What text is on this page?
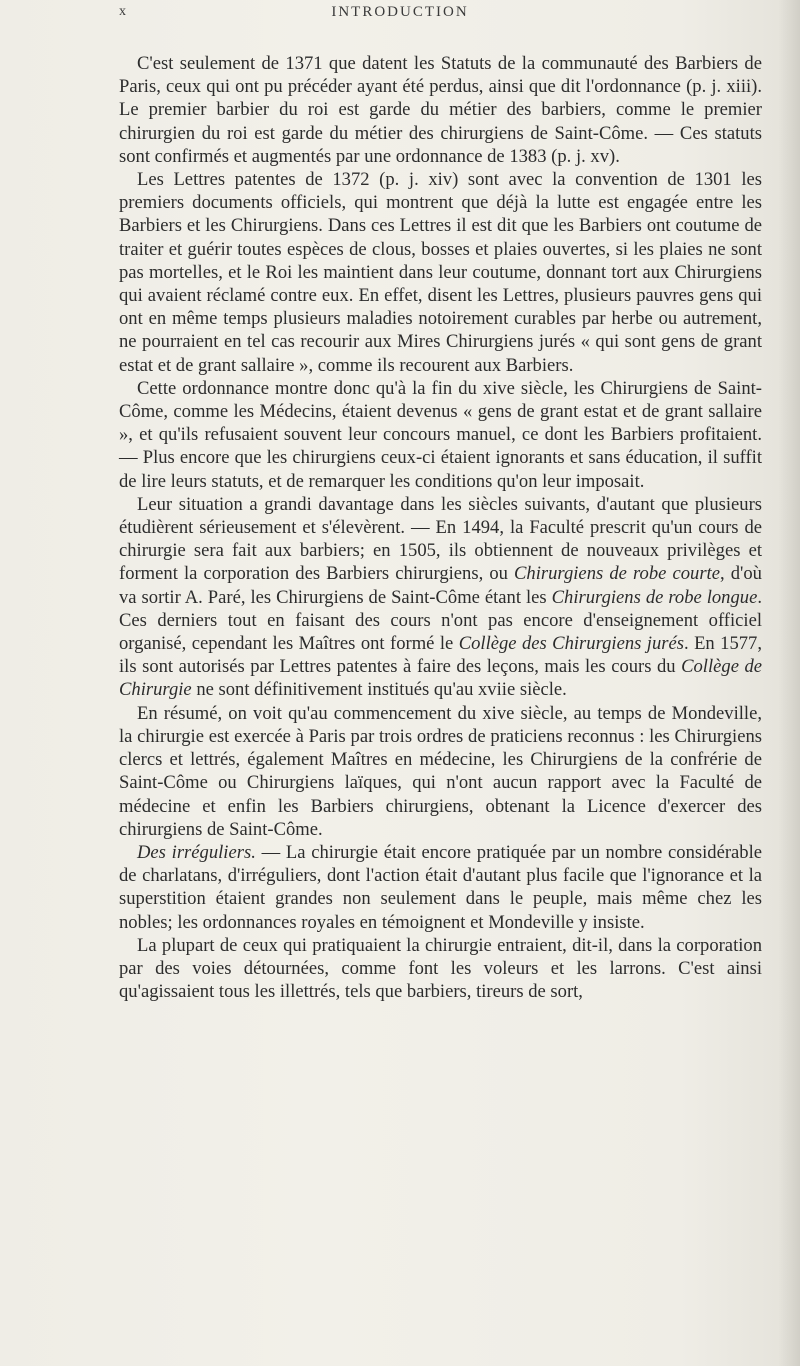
x	INTRODUCTION

C'est seulement de 1371 que datent les Statuts de la communauté des Barbiers de Paris, ceux qui ont pu précéder ayant été perdus, ainsi que dit l'ordonnance (p. j. xiii). Le premier barbier du roi est garde du métier des barbiers, comme le premier chirurgien du roi est garde du métier des chirurgiens de Saint-Côme. — Ces statuts sont confirmés et augmentés par une ordonnance de 1383 (p. j. xv).

Les Lettres patentes de 1372 (p. j. xiv) sont avec la convention de 1301 les premiers documents officiels, qui montrent que déjà la lutte est engagée entre les Barbiers et les Chirurgiens. Dans ces Lettres il est dit que les Barbiers ont coutume de traiter et guérir toutes espèces de clous, bosses et plaies ouvertes, si les plaies ne sont pas mortelles, et le Roi les maintient dans leur coutume, donnant tort aux Chirurgiens qui avaient réclamé contre eux. En effet, disent les Lettres, plusieurs pauvres gens qui ont en même temps plusieurs maladies notoirement curables par herbe ou autrement, ne pourraient en tel cas recourir aux Mires Chirurgiens jurés « qui sont gens de grant estat et de grant sallaire », comme ils recourent aux Barbiers.

Cette ordonnance montre donc qu'à la fin du xive siècle, les Chirurgiens de Saint-Côme, comme les Médecins, étaient devenus « gens de grant estat et de grant sallaire », et qu'ils refusaient souvent leur concours manuel, ce dont les Barbiers profitaient. — Plus encore que les chirurgiens ceux-ci étaient ignorants et sans éducation, il suffit de lire leurs statuts, et de remarquer les conditions qu'on leur imposait.

Leur situation a grandi davantage dans les siècles suivants, d'autant que plusieurs étudièrent sérieusement et s'élevèrent. — En 1494, la Faculté prescrit qu'un cours de chirurgie sera fait aux barbiers; en 1505, ils obtiennent de nouveaux privilèges et forment la corporation des Barbiers chirurgiens, ou Chirurgiens de robe courte, d'où va sortir A. Paré, les Chirurgiens de Saint-Côme étant les Chirurgiens de robe longue. Ces derniers tout en faisant des cours n'ont pas encore d'enseignement officiel organisé, cependant les Maîtres ont formé le Collège des Chirurgiens jurés. En 1577, ils sont autorisés par Lettres patentes à faire des leçons, mais les cours du Collège de Chirurgie ne sont définitivement institués qu'au xviie siècle.

En résumé, on voit qu'au commencement du xive siècle, au temps de Mondeville, la chirurgie est exercée à Paris par trois ordres de praticiens reconnus : les Chirurgiens clercs et lettrés, également Maîtres en médecine, les Chirurgiens de la confrérie de Saint-Côme ou Chirurgiens laïques, qui n'ont aucun rapport avec la Faculté de médecine et enfin les Barbiers chirurgiens, obtenant la Licence d'exercer des chirurgiens de Saint-Côme.

Des irréguliers. — La chirurgie était encore pratiquée par un nombre considérable de charlatans, d'irréguliers, dont l'action était d'autant plus facile que l'ignorance et la superstition étaient grandes non seulement dans le peuple, mais même chez les nobles; les ordonnances royales en témoignent et Mondeville y insiste.

La plupart de ceux qui pratiquaient la chirurgie entraient, dit-il, dans la corporation par des voies détournées, comme font les voleurs et les larrons. C'est ainsi qu'agissaient tous les illettrés, tels que barbiers, tireurs de sort,
